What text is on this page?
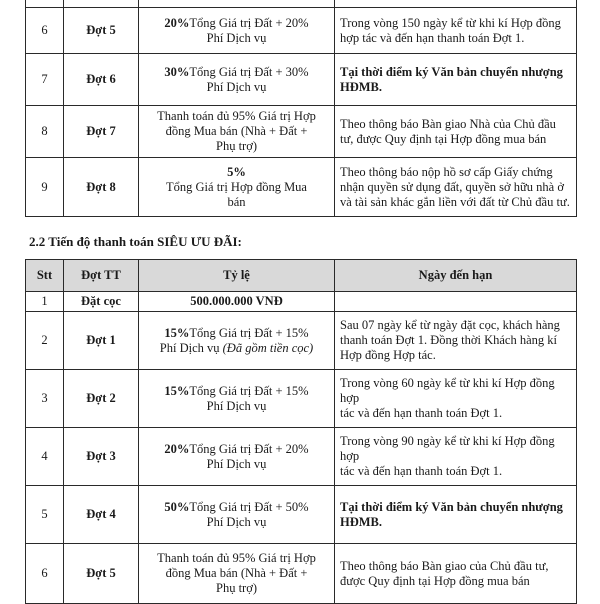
6	Đợt 5	20%Tổng Giá trị Đất + 20%
Phí Dịch vụ	Trong vòng 150 ngày kể từ khi kí Hợp đồng
hợp tác và đến hạn thanh toán Đợt 1.

7	Đợt 6	30%Tổng Giá trị Đất + 30%
Phí Dịch vụ	Tại thời điểm ký Văn bản chuyển nhượng
HĐMB.

8	Đợt 7	Thanh toán đủ 95% Giá trị Hợp
đồng Mua bán (Nhà + Đất +
Phụ trợ)	Theo thông báo Bàn giao Nhà của Chủ đầu
tư, được Quy định tại Hợp đồng mua bán

9	Đợt 8	5%
Tổng Giá trị Hợp đồng Mua
bán	Theo thông báo nộp hồ sơ cấp Giấy chứng
nhận quyền sử dụng đất, quyền sở hữu nhà ở
và tài sản khác gắn liền với đất từ Chủ đầu tư.

2.2 Tiến độ thanh toán SIÊU ƯU ĐÃI:

Stt	Đợt TT	Tỷ lệ	Ngày đến hạn
1	Đặt cọc	500.000.000 VNĐ	
2	Đợt 1	15%Tổng Giá trị Đất + 15%
Phí Dịch vụ (Đã gồm tiền cọc)	Sau 07 ngày kể từ ngày đặt cọc, khách hàng
thanh toán Đợt 1. Đồng thời Khách hàng kí
Hợp đồng Hợp tác.

3	Đợt 2	15%Tổng Giá trị Đất + 15%
Phí Dịch vụ	Trong vòng 60 ngày kể từ khi kí Hợp đồng hợp
tác và đến hạn thanh toán Đợt 1.

4	Đợt 3	20%Tổng Giá trị Đất + 20%
Phí Dịch vụ	Trong vòng 90 ngày kể từ khi kí Hợp đồng hợp
tác và đến hạn thanh toán Đợt 1.

5	Đợt 4	50%Tổng Giá trị Đất + 50%
Phí Dịch vụ	Tại thời điểm ký Văn bản chuyển nhượng
HĐMB.

6	Đợt 5	Thanh toán đủ 95% Giá trị Hợp
đồng Mua bán (Nhà + Đất +
Phụ trợ)	Theo thông báo Bàn giao của Chủ đầu tư,
được Quy định tại Hợp đồng mua bán
